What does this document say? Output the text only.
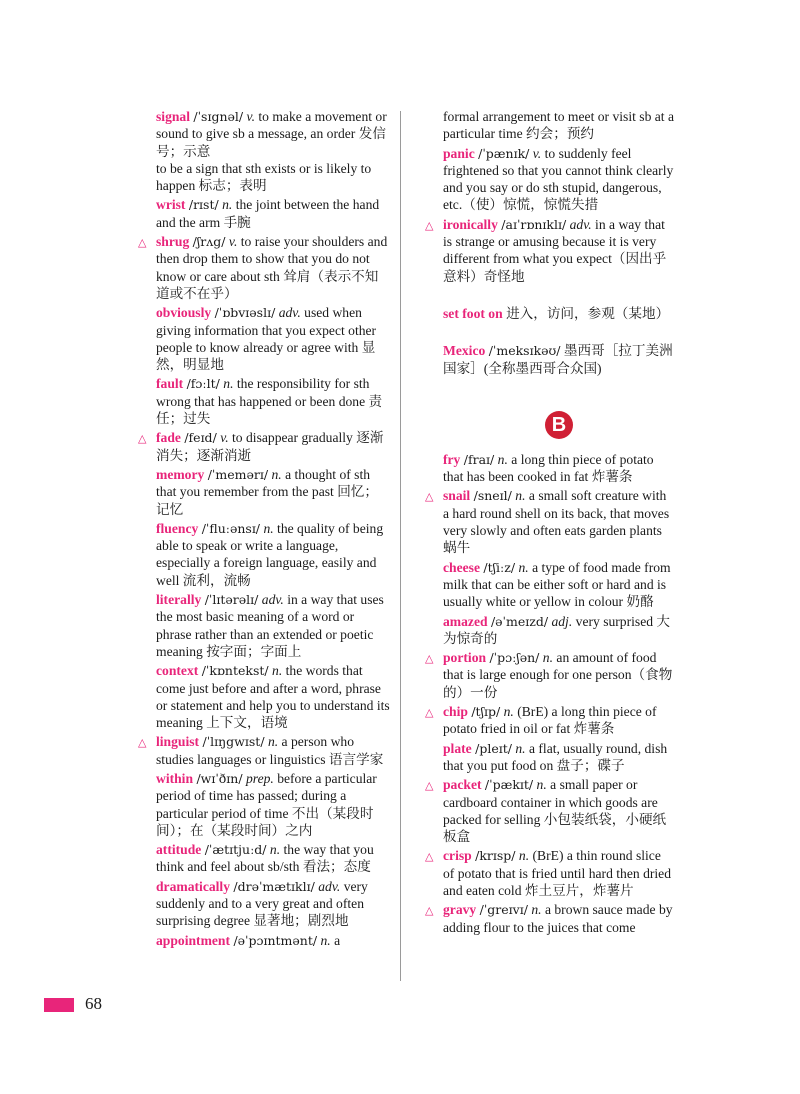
signal /ˈsɪgnəl/ v. to make a movement or sound to give sb a message, an order 发信号；示意
to be a sign that sth exists or is likely to happen 标志；表明
wrist /rɪst/ n. the joint between the hand and the arm 手腕
△ shrug /ʃrʌg/ v. to raise your shoulders and then drop them to show that you do not know or care about sth 耸肩（表示不知道或不在乎）
obviously /ˈɒbvɪəslɪ/ adv. used when giving information that you expect other people to know already or agree with 显然，明显地
fault /fɔːlt/ n. the responsibility for sth wrong that has happened or been done 责任；过失
△ fade /feɪd/ v. to disappear gradually 逐渐消失；逐渐消逝
memory /ˈmemərɪ/ n. a thought of sth that you remember from the past 回忆；记忆
fluency /ˈfluːənsɪ/ n. the quality of being able to speak or write a language, especially a foreign language, easily and well 流利，流畅
literally /ˈlɪtərəlɪ/ adv. in a way that uses the most basic meaning of a word or phrase rather than an extended or poetic meaning 按字面；字面上
context /ˈkɒntekst/ n. the words that come just before and after a word, phrase or statement and help you to understand its meaning 上下文，语境
△ linguist /ˈlɪŋgwɪst/ n. a person who studies languages or linguistics 语言学家
within /wɪˈðɪn/ prep. before a particular period of time has passed; during a particular period of time 不出（某段时间）；在（某段时间）之内
attitude /ˈætɪtjuːd/ n. the way that you think and feel about sb/sth 看法；态度
dramatically /drəˈmætɪklɪ/ adv. very suddenly and to a very great and often surprising degree 显著地；剧烈地
appointment /əˈpɔɪntmənt/ n. a
formal arrangement to meet or visit sb at a particular time 约会；预约
panic /ˈpænɪk/ v. to suddenly feel frightened so that you cannot think clearly and you say or do sth stupid, dangerous, etc.（使）惊慌，惊慌失措
△ ironically /aɪˈrɒnɪklɪ/ adv. in a way that is strange or amusing because it is very different from what you expect（因出乎意料）奇怪地
set foot on 进入，访问，参观（某地）
Mexico /ˈmeksɪkəʊ/ 墨西哥［拉丁美洲国家］(全称墨西哥合众国)
B
fry /fraɪ/ n. a long thin piece of potato that has been cooked in fat 炸薯条
△ snail /sneɪl/ n. a small soft creature with a hard round shell on its back, that moves very slowly and often eats garden plants 蜗牛
cheese /tʃiːz/ n. a type of food made from milk that can be either soft or hard and is usually white or yellow in colour 奶酪
amazed /əˈmeɪzd/ adj. very surprised 大为惊奇的
△ portion /ˈpɔːʃən/ n. an amount of food that is large enough for one person（食物的）一份
△ chip /tʃɪp/ n. (BrE) a long thin piece of potato fried in oil or fat 炸薯条
plate /pleɪt/ n. a flat, usually round, dish that you put food on 盘子；碟子
△ packet /ˈpækɪt/ n. a small paper or cardboard container in which goods are packed for selling 小包装纸袋，小硬纸板盒
△ crisp /krɪsp/ n. (BrE) a thin round slice of potato that is fried until hard then dried and eaten cold 炸土豆片，炸薯片
△ gravy /ˈgreɪvɪ/ n. a brown sauce made by adding flour to the juices that come
68
